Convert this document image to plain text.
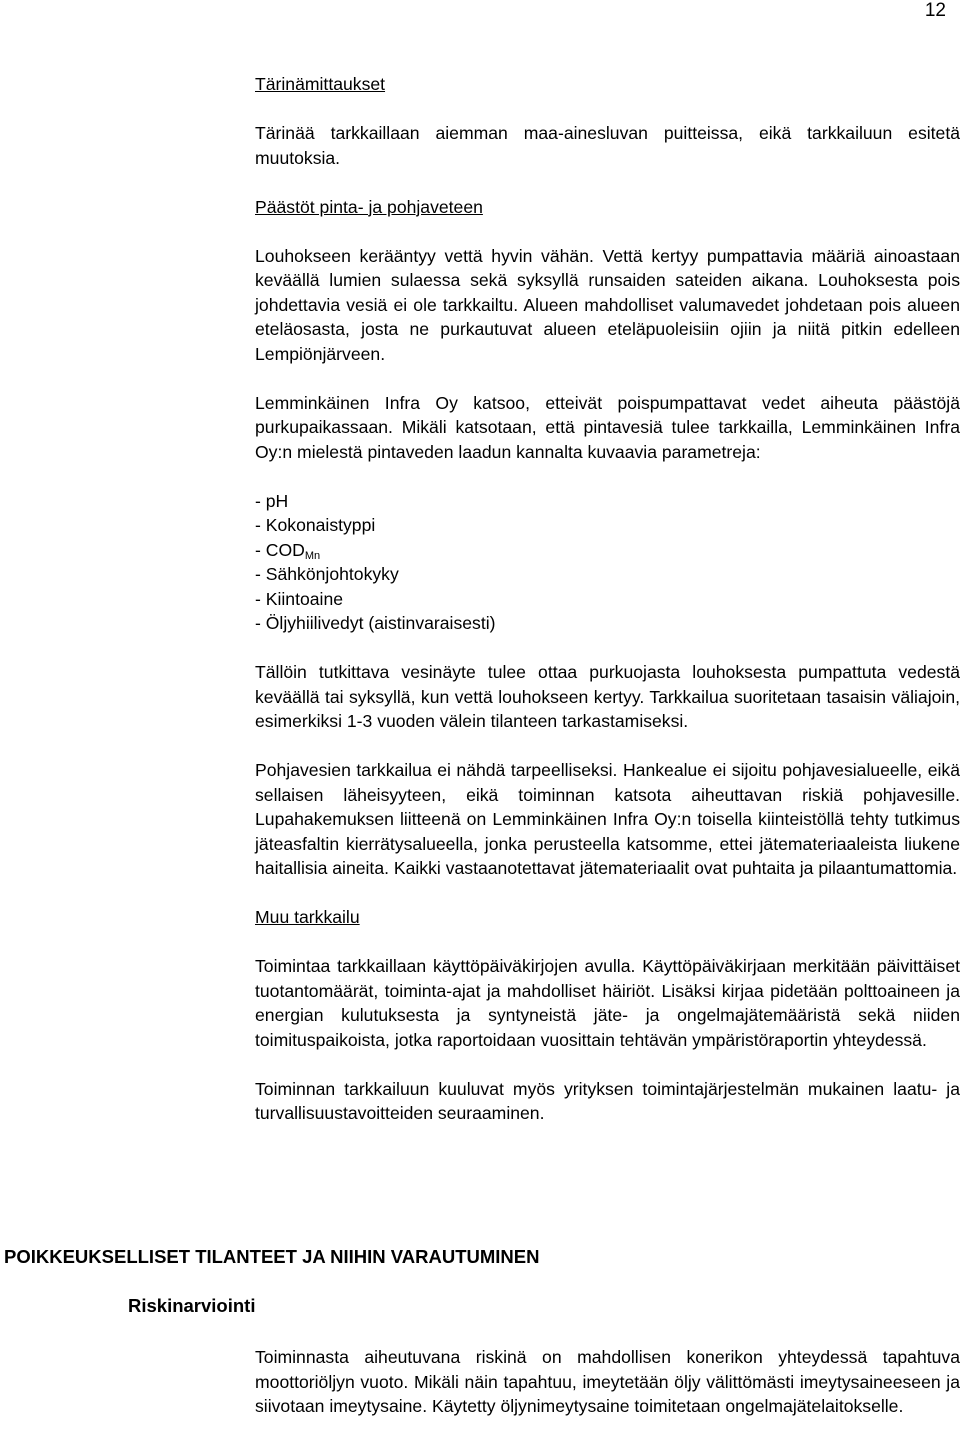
12
Tärinämittaukset

Tärinää tarkkaillaan aiemman maa-ainesluvan puitteissa, eikä tarkkailuun esitetä muutoksia.

Päästöt pinta- ja pohjaveteen

Louhokseen kerääntyy vettä hyvin vähän. Vettä kertyy pumpattavia määriä ainoastaan keväällä lumien sulaessa sekä syksyllä runsaiden sateiden aikana. Louhoksesta pois johdettavia vesiä ei ole tarkkailtu. Alueen mahdolliset valumavedet johdetaan pois alueen eteläosasta, josta ne purkautuvat alueen eteläpuoleisiin ojiin ja niitä pitkin edelleen Lempiönjärveen.

Lemminkäinen Infra Oy katsoo, etteivät poispumpattavat vedet aiheuta päästöjä purkupaikassaan. Mikäli katsotaan, että pintavesiä tulee tarkkailla, Lemminkäinen Infra Oy:n mielestä pintaveden laadun kannalta kuvaavia parametreja:

- pH
- Kokonaistyppi
- $COD_{Mn}$
- Sähkönjohtokyky
- Kiintoaine
- Öljyhiilivedyt (aistinvaraisesti)

Tällöin tutkittava vesinäyte tulee ottaa purkuojasta louhoksesta pumpattuta vedestä keväällä tai syksyllä, kun vettä louhokseen kertyy. Tarkkailua suoritetaan tasaisin väliajoin, esimerkiksi 1-3 vuoden välein tilanteen tarkastamiseksi.

Pohjavesien tarkkailua ei nähdä tarpeelliseksi. Hankealue ei sijoitu pohjavesialueelle, eikä sellaisen läheisyyteen, eikä toiminnan katsota aiheuttavan riskiä pohjavesille. Lupahakemuksen liitteenä on Lemminkäinen Infra Oy:n toisella kiinteistöllä tehty tutkimus jäteasfaltin kierrätysalueella, jonka perusteella katsomme, ettei jätemateriaaleista liukene haitallisia aineita. Kaikki vastaanotettavat jätemateriaalit ovat puhtaita ja pilaantumattomia.

Muu tarkkailu

Toimintaa tarkkaillaan käyttöpäiväkirjojen avulla. Käyttöpäiväkirjaan merkitään päivittäiset tuotantomäärät, toiminta-ajat ja mahdolliset häiriöt. Lisäksi kirjaa pidetään polttoaineen ja energian kulutuksesta ja syntyneistä jäte- ja ongelmajätemääristä sekä niiden toimituspaikoista, jotka raportoidaan vuosittain tehtävän ympäristöraportin yhteydessä.

Toiminnan tarkkailuun kuuluvat myös yrityksen toimintajärjestelmän mukainen laatu- ja turvallisuustavoitteiden seuraaminen.

POIKKEUKSELLISET TILANTEET JA NIIHIN VARAUTUMINEN
Riskinarviointi

Toiminnasta aiheutuvana riskinä on mahdollisen konerikon yhteydessä tapahtuva moottoriöljyn vuoto. Mikäli näin tapahtuu, imeytetään öljy välittömästi imeytysaineeseen ja siivotaan imeytysaine. Käytetty öljynimeytysaine toimitetaan ongelmajätelaitokselle.
